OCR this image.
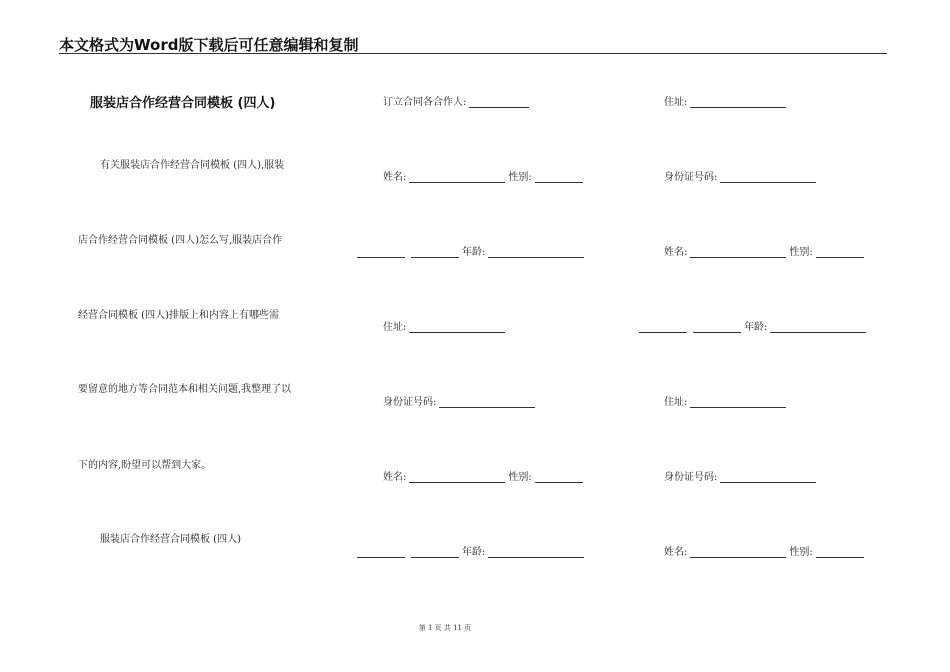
本文格式为Word版下载后可任意编辑和复制
服装店合作经营合同模板 (四人)
有关服装店合作经营合同模板 (四人),服装
店合作经营合同模板 (四人)怎么写,服装店合作
经营合同模板 (四人)排版上和内容上有哪些需
要留意的地方等合同范本和相关问题,我整理了以
下的内容,盼望可以帮到大家。
服装店合作经营合同模板 (四人)
订立合同各合作人:
姓名:	性别:
年龄:
住址:
身份证号码:
姓名:	性别:
年龄:
住址:
身份证号码:
姓名:	性别:
年龄:
住址:
身份证号码:
姓名:	性别:
第 1 页 共 11 页
